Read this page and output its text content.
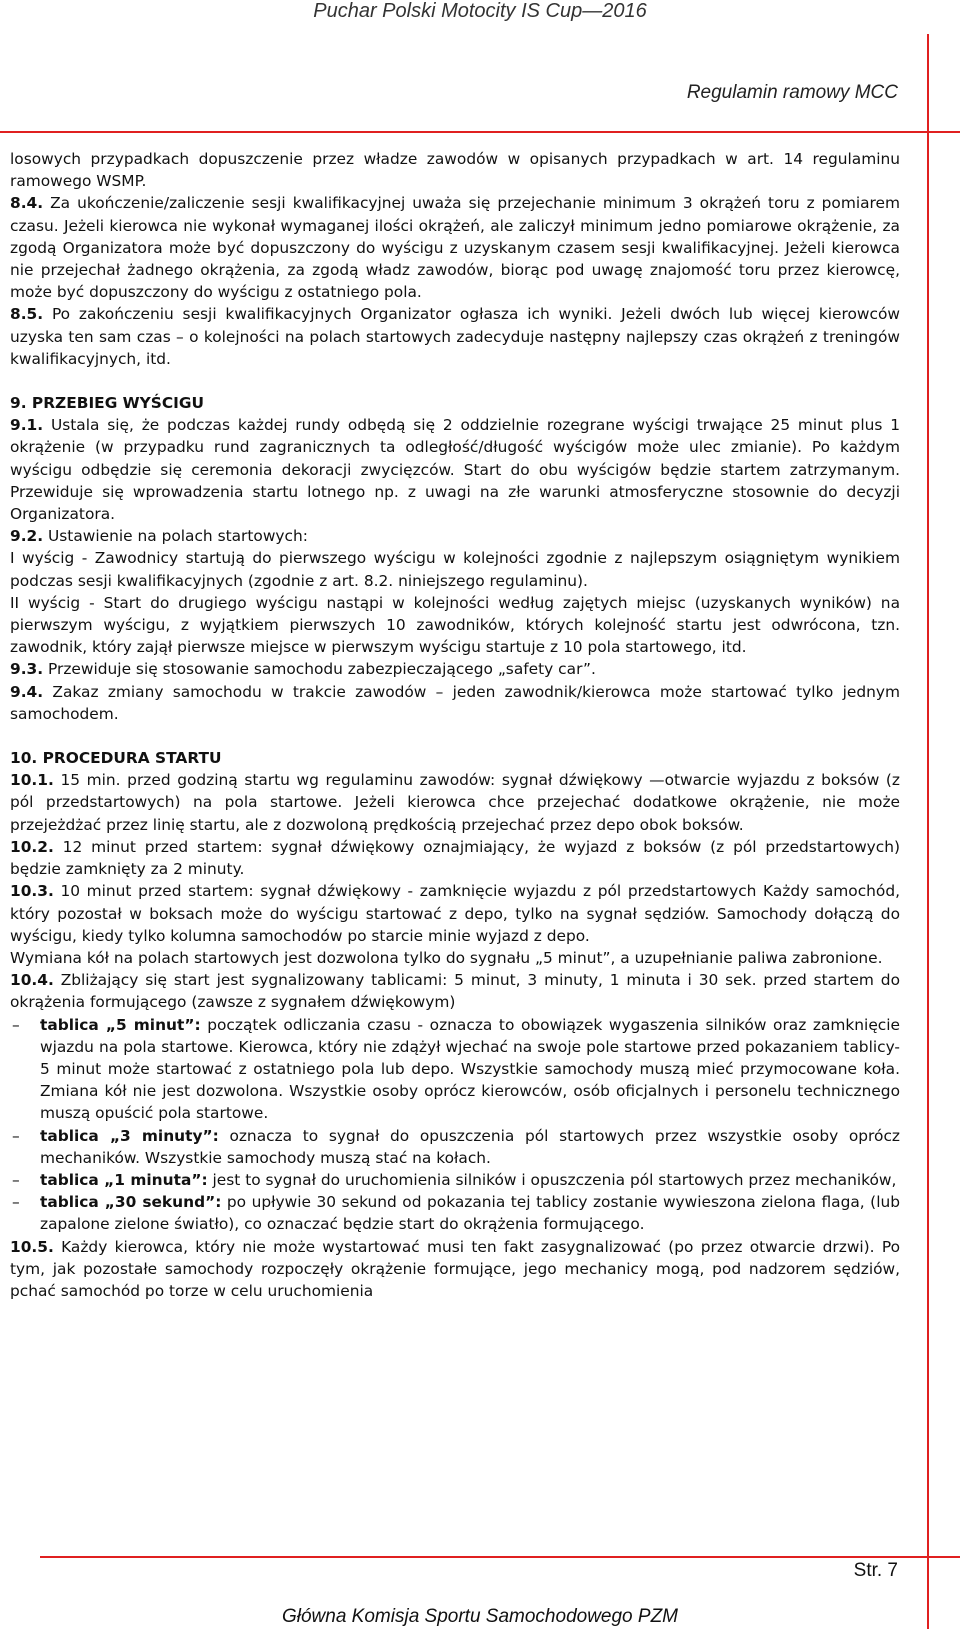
Puchar Polski Motocity IS Cup—2016
Regulamin ramowy MCC

losowych przypadkach dopuszczenie przez władze zawodów w opisanych przypadkach w art. 14 regulaminu ramowego WSMP.

8.4. Za ukończenie/zaliczenie sesji kwalifikacyjnej uważa się przejechanie minimum 3 okrążeń toru z pomiarem czasu. Jeżeli kierowca nie wykonał wymaganej ilości okrążeń, ale zaliczył minimum jedno pomiarowe okrążenie, za zgodą Organizatora może być dopuszczony do wyścigu z uzyskanym czasem sesji kwalifikacyjnej. Jeżeli kierowca nie przejechał żadnego okrążenia, za zgodą władz zawodów, biorąc pod uwagę znajomość toru przez kierowcę, może być dopuszczony do wyścigu z ostatniego pola.

8.5. Po zakończeniu sesji kwalifikacyjnych Organizator ogłasza ich wyniki. Jeżeli dwóch lub więcej kierowców uzyska ten sam czas – o kolejności na polach startowych zadecyduje następny najlepszy czas okrążeń z treningów kwalifikacyjnych, itd.

9. PRZEBIEG WYŚCIGU

9.1. Ustala się, że podczas każdej rundy odbędą się 2 oddzielnie rozegrane wyścigi trwające 25 minut plus 1 okrążenie (w przypadku rund zagranicznych ta odległość/długość wyścigów może ulec zmianie). Po każdym wyścigu odbędzie się ceremonia dekoracji zwycięzców. Start do obu wyścigów będzie startem zatrzymanym. Przewiduje się wprowadzenia startu lotnego np. z uwagi na złe warunki atmosferyczne stosownie do decyzji Organizatora.

9.2. Ustawienie na polach startowych:

I wyścig - Zawodnicy startują do pierwszego wyścigu w kolejności zgodnie z najlepszym osiągniętym wynikiem podczas sesji kwalifikacyjnych (zgodnie z art. 8.2. niniejszego regulaminu).

II wyścig - Start do drugiego wyścigu nastąpi w kolejności według zajętych miejsc (uzyskanych wyników) na pierwszym wyścigu, z wyjątkiem pierwszych 10 zawodników, których kolejność startu jest odwrócona, tzn. zawodnik, który zajął pierwsze miejsce w pierwszym wyścigu startuje z 10 pola startowego, itd.

9.3. Przewiduje się stosowanie samochodu zabezpieczającego „safety car”.

9.4. Zakaz zmiany samochodu w trakcie zawodów – jeden zawodnik/kierowca może startować tylko jednym samochodem.

10. PROCEDURA STARTU

10.1. 15 min. przed godziną startu wg regulaminu zawodów: sygnał dźwiękowy —otwarcie wyjazdu z boksów (z pól przedstartowych) na pola startowe. Jeżeli kierowca chce przejechać dodatkowe okrążenie, nie może przejeżdżać przez linię startu, ale z dozwoloną prędkością przejechać przez depo obok boksów.

10.2. 12 minut przed startem: sygnał dźwiękowy oznajmiający, że wyjazd z boksów (z pól przedstartowych) będzie zamknięty za 2 minuty.

10.3. 10 minut przed startem: sygnał dźwiękowy - zamknięcie wyjazdu z pól przedstartowych Każdy samochód, który pozostał w boksach może do wyścigu startować z depo, tylko na sygnał sędziów. Samochody dołączą do wyścigu, kiedy tylko kolumna samochodów po starcie minie wyjazd z depo.

Wymiana kół na polach startowych jest dozwolona tylko do sygnału „5 minut”, a uzupełnianie paliwa zabronione.

10.4. Zbliżający się start jest sygnalizowany tablicami: 5 minut, 3 minuty, 1 minuta i 30 sek. przed startem do okrążenia formującego (zawsze z sygnałem dźwiękowym)

– tablica „5 minut”: początek odliczania czasu - oznacza to obowiązek wygaszenia silników oraz zamknięcie wjazdu na pola startowe. Kierowca, który nie zdążył wjechać na swoje pole startowe przed pokazaniem tablicy-5 minut może startować z ostatniego pola lub depo. Wszystkie samochody muszą mieć przymocowane koła. Zmiana kół nie jest dozwolona. Wszystkie osoby oprócz kierowców, osób oficjalnych i personelu technicznego muszą opuścić pola startowe.
– tablica „3 minuty”: oznacza to sygnał do opuszczenia pól startowych przez wszystkie osoby oprócz mechaników. Wszystkie samochody muszą stać na kołach.
– tablica „1 minuta”: jest to sygnał do uruchomienia silników i opuszczenia pól startowych przez mechaników,
– tablica „30 sekund”: po upływie 30 sekund od pokazania tej tablicy zostanie wywieszona zielona flaga, (lub zapalone zielone światło), co oznaczać będzie start do okrążenia formującego.

10.5. Każdy kierowca, który nie może wystartować musi ten fakt zasygnalizować (po przez otwarcie drzwi). Po tym, jak pozostałe samochody rozpoczęły okrążenie formujące, jego mechanicy mogą, pod nadzorem sędziów, pchać samochód po torze w celu uruchomienia

Str. 7
Główna Komisja Sportu Samochodowego PZM
